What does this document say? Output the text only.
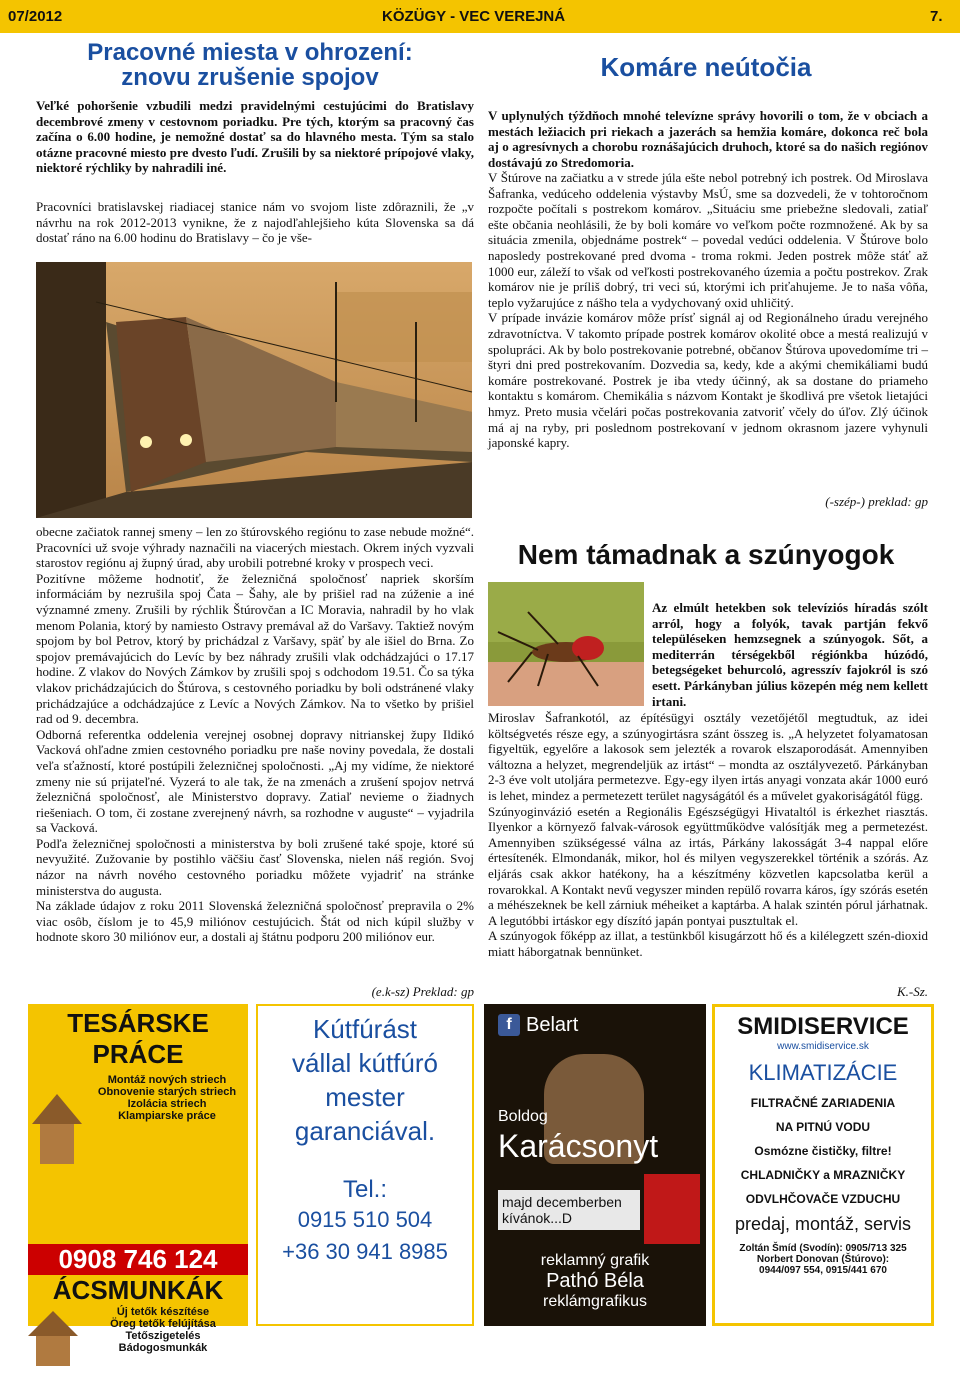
07/2012	KÖZÜGY - VEC VEREJNÁ	7.
Pracovné miesta v ohrození:
znovu zrušenie spojov
Veľké pohoršenie vzbudili medzi pravidelnými cestujúcimi do Bratislavy decembrové zmeny v cestovnom poriadku. Pre tých, ktorým sa pracovný čas začína o 6.00 hodine, je nemožné dostať sa do hlavného mesta. Tým sa stalo otázne pracovné miesto pre dvesto ľudí. Zrušili by sa niektoré prípojové vlaky, niektoré rýchliky by nahradili iné.
Pracovníci bratislavskej riadiacej stanice nám vo svojom liste zdôraznili, že „v návrhu na rok 2012-2013 vynikne, že z najodľahlejšieho kúta Slovenska sa dá dostať ráno na 6.00 hodinu do Bratislavy – čo je vše-

obecne začiatok rannej smeny – len zo štúrovského regiónu to zase nebude možné“. Pracovníci už svoje výhrady naznačili na viacerých miestach. Okrem iných vyzvali starostov regiónu aj župný úrad, aby urobili potrebné kroky v prospech veci.

Pozitívne môžeme hodnotiť, že železničná spoločnosť napriek skorším informáciám by nezrušila spoj Čata – Šahy, ale by prišiel rad na zúženie a iné významné zmeny. Zrušili by rýchlik Štúrovčan a IC Moravia, nahradil by ho vlak menom Polania, ktorý by namiesto Ostravy premával až do Varšavy. Taktiež novým spojom by bol Petrov, ktorý by prichádzal z Varšavy, späť by ale išiel do Brna. Zo spojov premávajúcich do Levíc by bez náhrady zrušili vlak odchádzajúci o 17.17 hodine. Z vlakov do Nových Zámkov by zrušili spoj s odchodom 19.51. Čo sa týka vlakov prichádzajúcich do Štúrova, s cestovného poriadku by boli odstránené vlaky prichádzajúce a odchádzajúce z Levíc a Nových Zámkov. Na to všetko by prišiel rad od 9. decembra.

Odborná referentka oddelenia verejnej osobnej dopravy nitrianskej župy Ildikó Vacková ohľadne zmien cestovného poriadku pre naše noviny povedala, že dostali veľa sťažností, ktoré postúpili železničnej spoločnosti. „Aj my vidíme, že niektoré zmeny nie sú prijateľné. Vyzerá to ale tak, že na zmenách a zrušení spojov netrvá železničná spoločnosť, ale Ministerstvo dopravy. Zatiaľ nevieme o žiadnych riešeniach. O tom, či zostane zverejnený návrh, sa rozhodne v auguste“ – vyjadrila sa Vacková.

Podľa železničnej spoločnosti a ministerstva by boli zrušené také spoje, ktoré sú nevyužité. Zužovanie by postihlo väčšiu časť Slovenska, nielen náš región. Svoj názor na návrh nového cestovného poriadku môžete vyjadriť na stránke ministerstva do augusta.

Na základe údajov z roku 2011 Slovenská železničná spoločnosť prepravila o 2% viac osôb, číslom je to 45,9 miliónov cestujúcich. Štát od nich kúpil služby v hodnote skoro 30 miliónov eur, a dostali aj štátnu podporu 200 miliónov eur.

(e.k-sz) Preklad: gp
Komáre neútočia
V uplynulých týždňoch mnohé televízne správy hovorili o tom, že v obciach a mestách ležiacich pri riekach a jazerách sa hemžia komáre, dokonca reč bola aj o agresívnych a chorobu roznášajúcich druhoch, ktoré sa do našich regiónov dostávajú zo Stredomoria.

V Štúrove na začiatku a v strede júla ešte nebol potrebný ich postrek. Od Miroslava Šafranka, vedúceho oddelenia výstavby MsÚ, sme sa dozvedeli, že v tohtoročnom rozpočte počítali s postrekom komárov. „Situáciu sme priebežne sledovali, zatiaľ ešte občania neohlásili, že by boli komáre vo veľkom počte rozmnožené. Ak by sa situácia zmenila, objednáme postrek“ – povedal vedúci oddelenia. V Štúrove bolo naposledy postrekované pred dvoma - troma rokmi. Jeden postrek môže stáť až 1000 eur, záleží to však od veľkosti postrekovaného územia a počtu postrekov. Zrak komárov nie je príliš dobrý, tri veci sú, ktorými ich priťahujeme. Je to naša vôňa, teplo vyžarujúce z nášho tela a vydychovaný oxid uhličitý.

V prípade invázie komárov môže prísť signál aj od Regionálneho úradu verejného zdravotníctva. V takomto prípade postrek komárov okolité obce a mestá realizujú v spolupráci. Ak by bolo postrekovanie potrebné, občanov Štúrova upovedomíme tri – štyri dni pred postrekovaním. Dozvedia sa, kedy, kde a akými chemikáliami budú komáre postrekované. Postrek je iba vtedy účinný, ak sa dostane do priameho kontaktu s komárom. Chemikália s názvom Kontakt je škodlivá pre všetok lietajúci hmyz. Preto musia včelári počas postrekovania zatvoriť včely do úľov. Zlý účinok má aj na ryby, pri poslednom postrekovaní v jednom okrasnom jazere vyhynuli japonské kapry.

(-szép-) preklad: gp
Nem támadnak a szúnyogok
Az elmúlt hetekben sok televíziós híradás szólt arról, hogy a folyók, tavak partján fekvő településeken hemzsegnek a szúnyogok. Sőt, a mediterrán térségekből régiónkba húzódó, betegségeket behurcoló, agresszív fajokról is szó esett. Párkányban július közepén még nem kellett irtani.

Miroslav Šafrankotól, az építésügyi osztály vezetőjétől megtudtuk, az idei költségvetés része egy, a szúnyogirtásra szánt összeg is. „A helyzetet folyamatosan figyeltük, egyelőre a lakosok sem jelezték a rovarok elszaporodását. Amennyiben változna a helyzet, megrendeljük az irtást“ – mondta az osztályvezető. Párkányban 2-3 éve volt utoljára permetezve. Egy-egy ilyen irtás anyagi vonzata akár 1000 euró is lehet, mindez a permetezett terület nagyságától és a művelet gyakoriságától függ.

Szúnyoginvázió esetén a Regionális Egészségügyi Hivataltól is érkezhet riasztás. Ilyenkor a környező falvak-városok együttműködve valósítják meg a permetezést. Amennyiben szükségessé válna az irtás, Párkány lakosságát 3-4 nappal előre értesítenék. Elmondanák, mikor, hol és milyen vegyszerekkel történik a szórás. Az eljárás csak akkor hatékony, ha a készítmény közvetlen kapcsolatba kerül a rovarokkal. A Kontakt nevű vegyszer minden repülő rovarra káros, így szórás esetén a méhészeknek be kell zárniuk méheiket a kaptárba. A halak szintén pórul járhatnak. A legutóbbi irtáskor egy díszító japán pontyai pusztultak el.

A szúnyogok főképp az illat, a testünkből kisugárzott hő és a kilélegzett szén-dioxid miatt háborgatnak bennünket.

K.-Sz.
TESÁRSKE PRÁCE
Montáž nových striech
Obnovenie starých striech
Izolácia striech
Klampiarske práce
0908 746 124
ÁCSMUNKÁK
Új tetők készítése
Öreg tetők felújítása
Tetőszigetelés
Bádogosmunkák
Kútfúrást
vállal kútfúró
mester
garanciával.
Tel.:
0915 510 504
+36 30 941 8985
f Belart
Boldog
Karácsonyt
majd decemberben
kívánok...D
reklamný grafik
Pathó Béla
reklámgrafikus
SMIDISERVICE
www.smidiservice.sk
KLIMATIZÁCIE
FILTRAČNÉ ZARIADENIA
NA PITNÚ VODU
Osmózne čističky, filtre!
CHLADNIČKY a MRAZNIČKY
ODVLHČOVAČE VZDUCHU
predaj, montáž, servis
Zoltán Šmíd (Svodín): 0905/713 325
Norbert Donovan (Štúrovo):
0944/097 554, 0915/441 670
